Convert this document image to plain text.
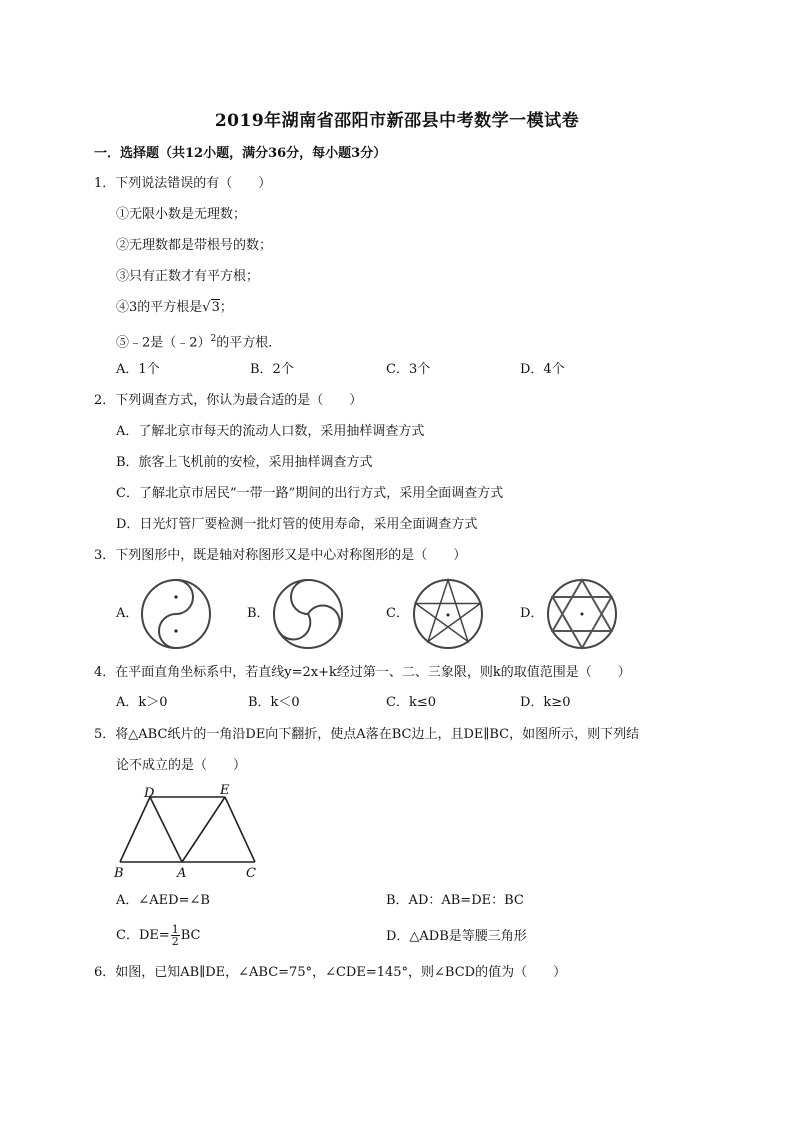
2019年湖南省邵阳市新邵县中考数学一模试卷
一．选择题（共12小题，满分36分，每小题3分）
1．下列说法错误的有（　　）
①无限小数是无理数；
②无理数都是带根号的数；
③只有正数才有平方根；
④3的平方根是√3；
⑤﹣2是（﹣2）$^2$的平方根．
A．1个	B．2个	C．3个	D．4个
2．下列调查方式，你认为最合适的是（　　）
A．了解北京市每天的流动人口数，采用抽样调查方式
B．旅客上飞机前的安检，采用抽样调查方式
C．了解北京市居民”一带一路”期间的出行方式，采用全面调查方式
D．日光灯管厂要检测一批灯管的使用寿命，采用全面调查方式
3．下列图形中，既是轴对称图形又是中心对称图形的是（　　）
A．	B．	C．	D．
4．在平面直角坐标系中，若直线y=2x+k经过第一、二、三象限，则k的取值范围是（　　）
A．k＞0	B．k＜0	C．k≤0	D．k≥0
5．将△ABC纸片的一角沿DE向下翻折，使点A落在BC边上，且DE∥BC，如图所示，则下列结
论不成立的是（　　）
D	E
B	A	C
A．∠AED=∠B	B．AD：AB=DE：BC
C．$DE= \frac{1}{2}$ BC	D．△ADB是等腰三角形
6．如图，已知AB∥DE，∠ABC=75°，∠CDE=145°，则∠BCD的值为（　　）
